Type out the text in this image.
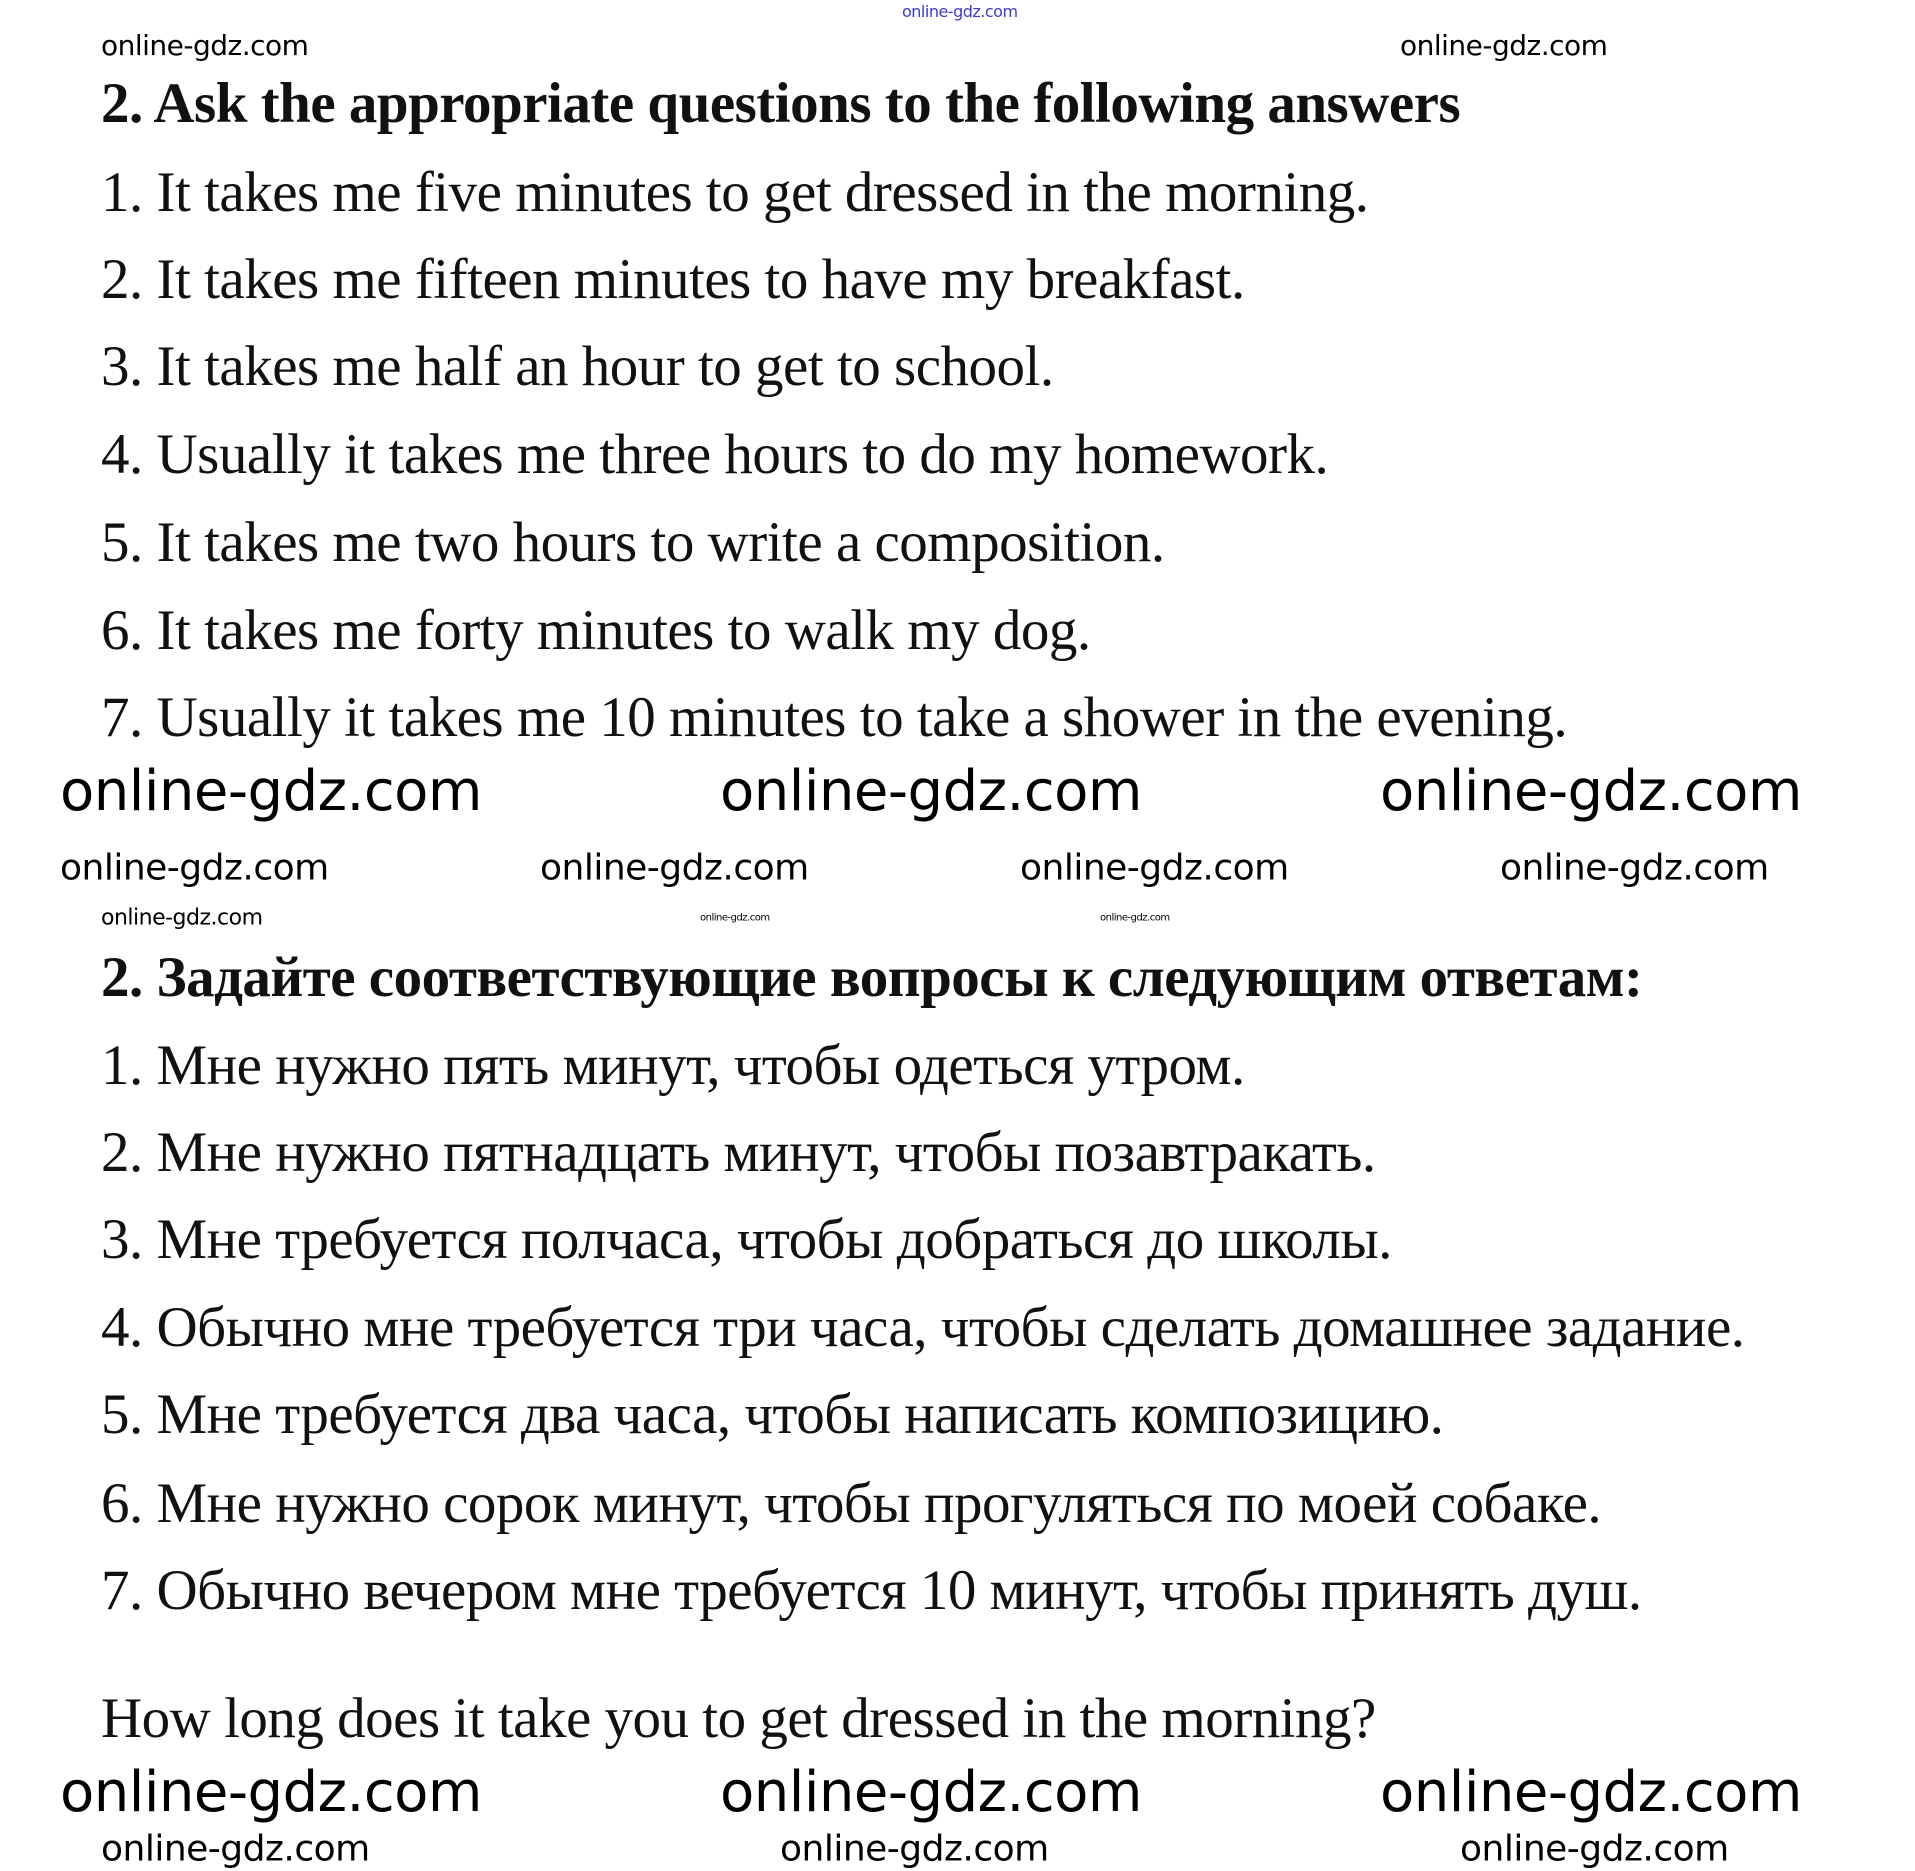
2. Ask the appropriate questions to the following answers
1. It takes me five minutes to get dressed in the morning.
2. It takes me fifteen minutes to have my breakfast.
3. It takes me half an hour to get to school.
4. Usually it takes me three hours to do my homework.
5. It takes me two hours to write a composition.
6. It takes me forty minutes to walk my dog.
7. Usually it takes me 10 minutes to take a shower in the evening.
2. Задайте соответствующие вопросы к следующим ответам:
1. Мне нужно пять минут, чтобы одеться утром.
2. Мне нужно пятнадцать минут, чтобы позавтракать.
3. Мне требуется полчаса, чтобы добраться до школы.
4. Обычно мне требуется три часа, чтобы сделать домашнее задание.
5. Мне требуется два часа, чтобы написать композицию.
6. Мне нужно сорок минут, чтобы прогуляться по моей собаке.
7. Обычно вечером мне требуется 10 минут, чтобы принять душ.
How long does it take you to get dressed in the morning?
online-gdz.com
online-gdz.com	online-gdz.com
online-gdz.com	online-gdz.com	online-gdz.com
online-gdz.com	online-gdz.com	online-gdz.com	online-gdz.com
online-gdz.com	online-gdz.com	online-gdz.com
online-gdz.com	online-gdz.com	online-gdz.com
online-gdz.com	online-gdz.com	online-gdz.com
